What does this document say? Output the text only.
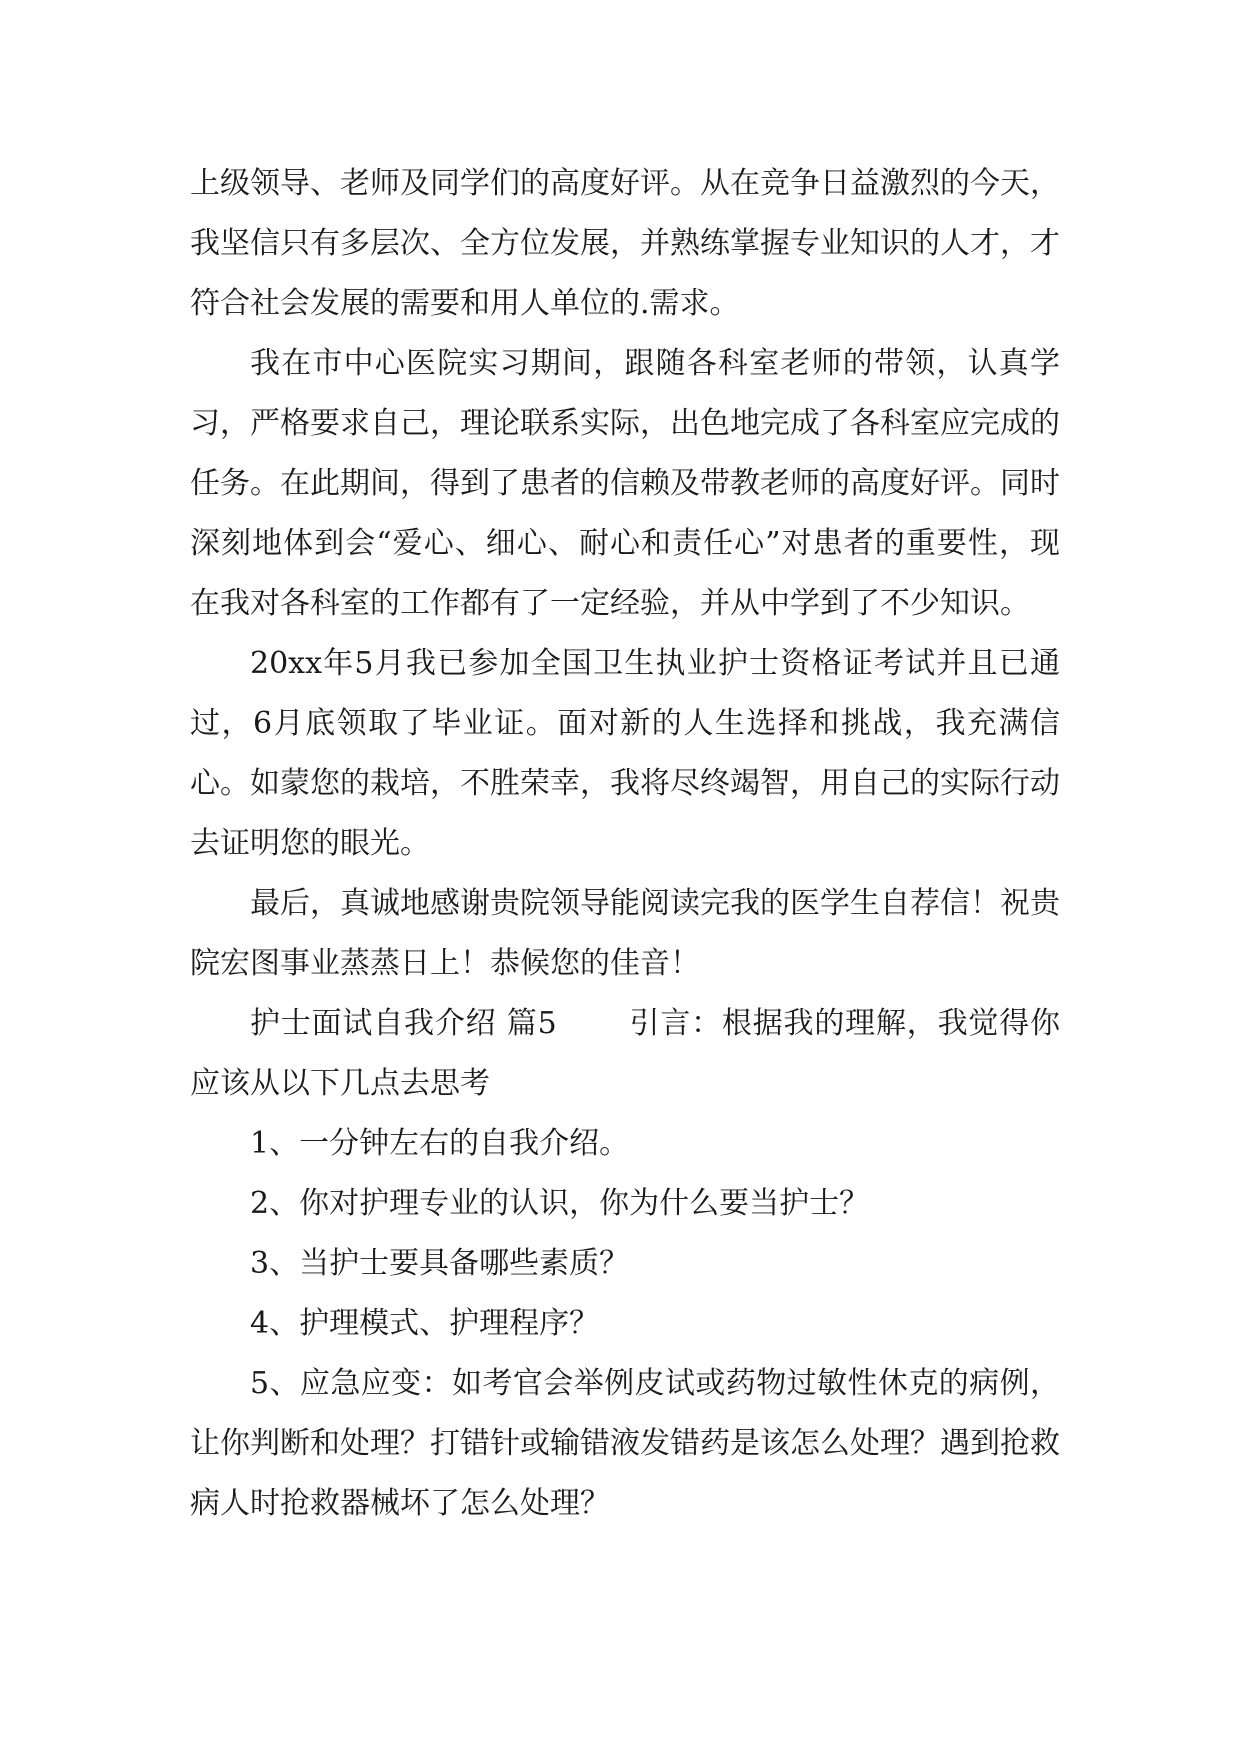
上级领导、老师及同学们的高度好评。从在竞争日益激烈的今天，我坚信只有多层次、全方位发展，并熟练掌握专业知识的人才，才符合社会发展的需要和用人单位的.需求。

我在市中心医院实习期间，跟随各科室老师的带领，认真学习，严格要求自己，理论联系实际，出色地完成了各科室应完成的任务。在此期间，得到了患者的信赖及带教老师的高度好评。同时深刻地体到会“爱心、细心、耐心和责任心”对患者的重要性，现在我对各科室的工作都有了一定经验，并从中学到了不少知识。

20xx年5月我已参加全国卫生执业护士资格证考试并且已通过，6月底领取了毕业证。面对新的人生选择和挑战，我充满信心。如蒙您的栽培，不胜荣幸，我将尽终竭智，用自己的实际行动去证明您的眼光。

最后，真诚地感谢贵院领导能阅读完我的医学生自荐信！祝贵院宏图事业蒸蒸日上！恭候您的佳音！

护士面试自我介绍 篇5 引言：根据我的理解，我觉得你应该从以下几点去思考

1、一分钟左右的自我介绍。

2、你对护理专业的认识，你为什么要当护士？

3、当护士要具备哪些素质？

4、护理模式、护理程序？

5、应急应变：如考官会举例皮试或药物过敏性休克的病例，让你判断和处理？打错针或输错液发错药是该怎么处理？遇到抢救病人时抢救器械坏了怎么处理？
